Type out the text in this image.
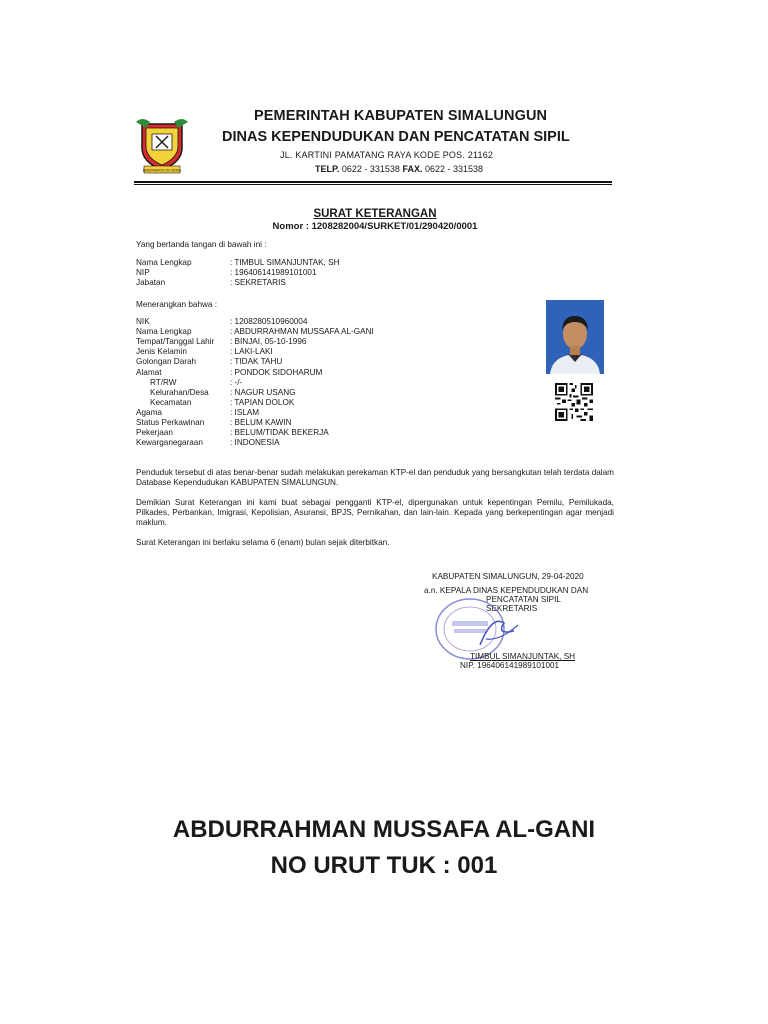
HABONARON DO BONA
PEMERINTAH KABUPATEN SIMALUNGUN
DINAS KEPENDUDUKAN DAN PENCATATAN SIPIL
JL. KARTINI PAMATANG RAYA KODE POS. 21162
TELP. 0622 - 331538 FAX. 0622 - 331538
SURAT KETERANGAN
Nomor : 1208282004/SURKET/01/290420/0001
Yang bertanda tangan di bawah ini :
Nama Lengkap	: TIMBUL SIMANJUNTAK, SH
NIP	: 196406141989101001
Jabatan	: SEKRETARIS
Menerangkan bahwa :
NIK	: 1208280510960004
Nama Lengkap	: ABDURRAHMAN MUSSAFA AL-GANI
Tempat/Tanggal Lahir : BINJAI, 05-10-1996
Jenis Kelamin	: LAKI-LAKI
Golongan Darah	: TIDAK TAHU
Alamat	: PONDOK SIDOHARUM
RT/RW	: -/-
Kelurahan/Desa	: NAGUR USANG
Kecamatan	: TAPIAN DOLOK
Agama	: ISLAM
Status Perkawinan	: BELUM KAWIN
Pekerjaan	: BELUM/TIDAK BEKERJA
Kewarganegaraan	: INDONESIA
Penduduk tersebut di atas benar-benar sudah melakukan perekaman KTP-el dan penduduk yang bersangkutan telah terdata dalam Database Kependudukan KABUPATEN SIMALUNGUN.
Demikian Surat Keterangan ini kami buat sebagai pengganti KTP-el, dipergunakan untuk kepentingan Pemilu, Pemilukada, Pilkades, Perbankan, Imigrasi, Kepolisian, Asuransi, BPJS, Pernikahan, dan lain-lain. Kepada yang berkepentingan agar menjadi maklum.
Surat Keterangan ini berlaku selama 6 (enam) bulan sejak diterbitkan.
KABUPATEN SIMALUNGUN, 29-04-2020
a.n. KEPALA DINAS KEPENDUDUKAN DAN
PENCATATAN SIPIL
SEKRETARIS
TIMBUL SIMANJUNTAK, SH
NIP. 196406141989101001
ABDURRAHMAN MUSSAFA AL-GANI
NO URUT TUK : 001
